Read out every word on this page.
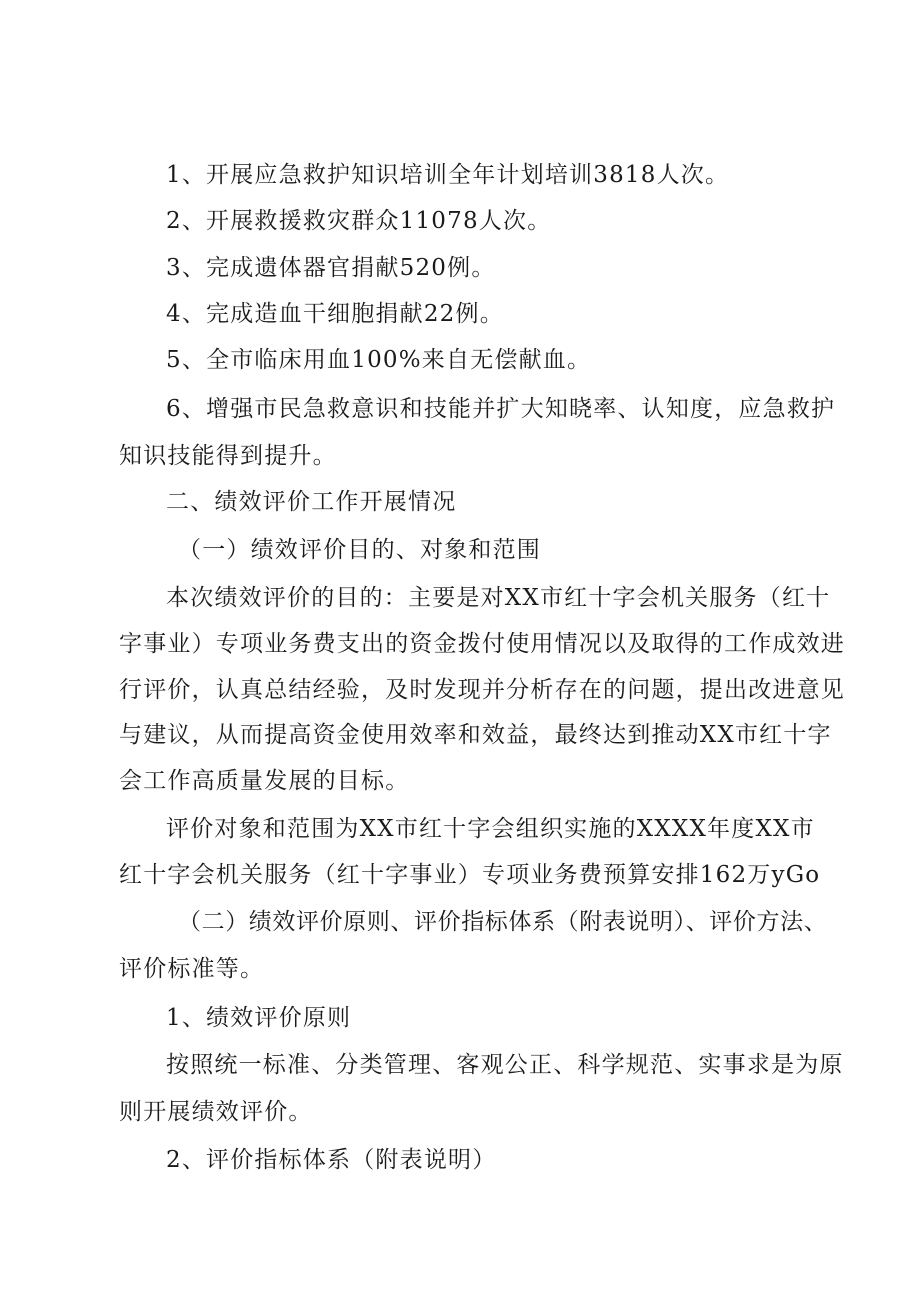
1、开展应急救护知识培训全年计划培训3818人次。
2、开展救援救灾群众11078人次。
3、完成遗体器官捐献520例。
4、完成造血干细胞捐献22例。
5、全市临床用血100%来自无偿献血。
6、增强市民急救意识和技能并扩大知晓率、认知度，应急救护
知识技能得到提升。
二、绩效评价工作开展情况
（一）绩效评价目的、对象和范围
本次绩效评价的目的：主要是对XX市红十字会机关服务（红十
字事业）专项业务费支出的资金拨付使用情况以及取得的工作成效进
行评价，认真总结经验，及时发现并分析存在的问题，提出改进意见
与建议，从而提高资金使用效率和效益，最终达到推动XX市红十字
会工作高质量发展的目标。
评价对象和范围为XX市红十字会组织实施的XXXX年度XX市
红十字会机关服务（红十字事业）专项业务费预算安排162万yGo
（二）绩效评价原则、评价指标体系（附表说明）、评价方法、
评价标准等。
1、绩效评价原则
按照统一标准、分类管理、客观公正、科学规范、实事求是为原
则开展绩效评价。
2、评价指标体系（附表说明）
